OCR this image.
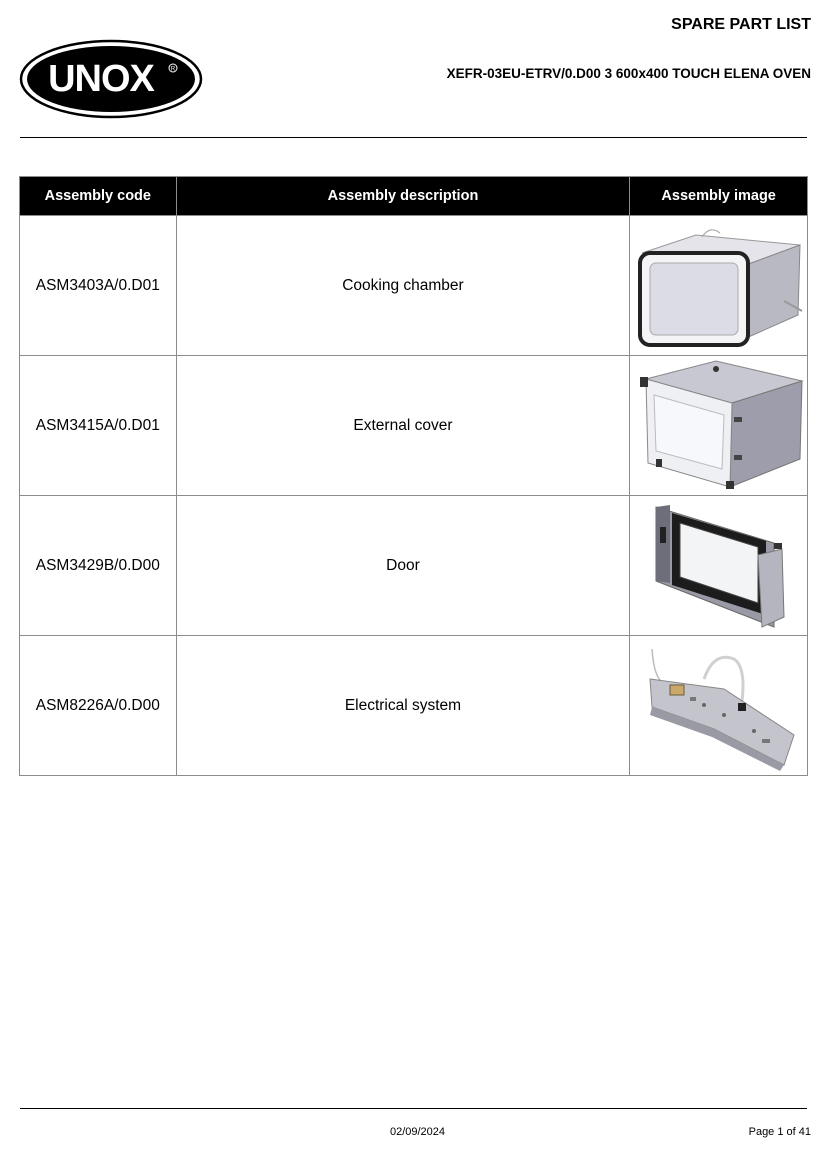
UNOX	R
SPARE PART LIST
XEFR-03EU-ETRV/0.D00 3 600x400 TOUCH ELENA OVEN
Assembly code	Assembly description	Assembly image
ASM3403A/0.D01	Cooking chamber	

ASM3415A/0.D01	External cover	

ASM3429B/0.D00	Door	

ASM8226A/0.D00	Electrical system	
02/09/2024	Page 1 of 41
